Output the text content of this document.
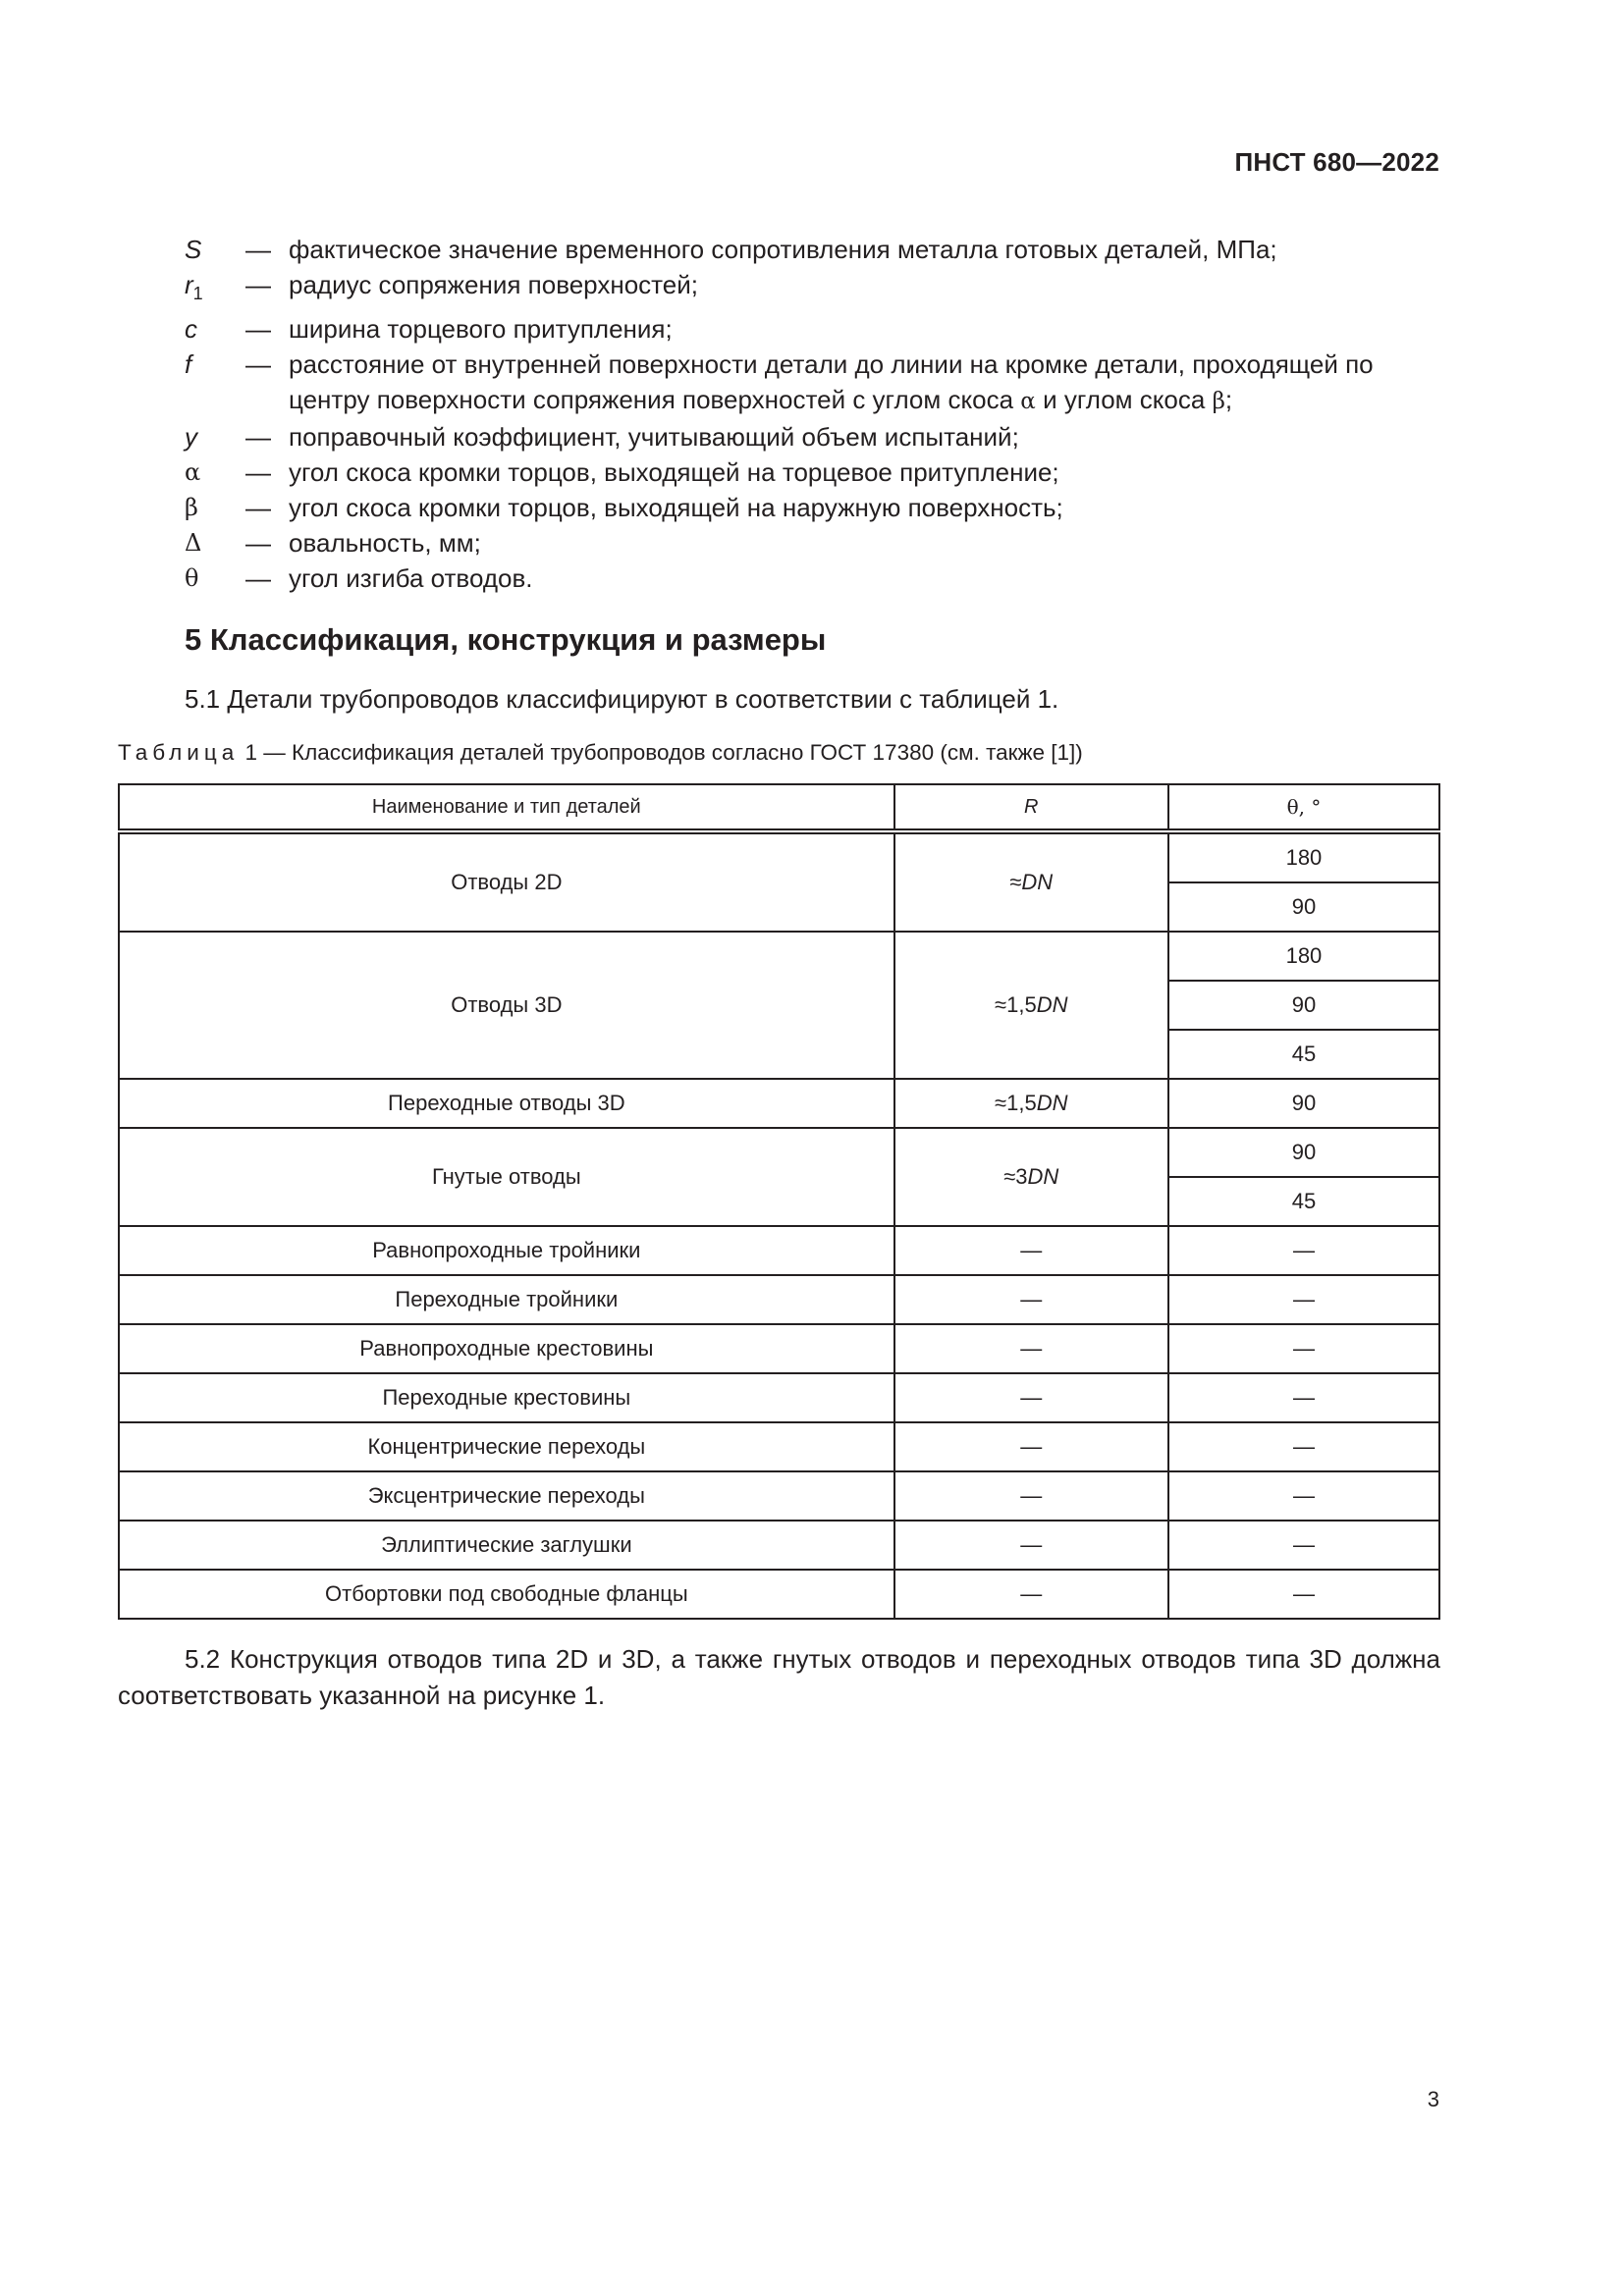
ПНСТ 680—2022
S	— фактическое значение временного сопротивления металла готовых деталей, МПа;
$r_1$	— радиус сопряжения поверхностей;
c	— ширина торцевого притупления;
f	— расстояние от внутренней поверхности детали до линии на кромке детали, проходящей по центру поверхности сопряжения поверхностей с углом скоса α и углом скоса β;
y	— поправочный коэффициент, учитывающий объем испытаний;
α	— угол скоса кромки торцов, выходящей на торцевое притупление;
β	— угол скоса кромки торцов, выходящей на наружную поверхность;
Δ	— овальность, мм;
θ	— угол изгиба отводов.
5 Классификация, конструкция и размеры
5.1 Детали трубопроводов классифицируют в соответствии с таблицей 1.
Таблица 1 — Классификация деталей трубопроводов согласно ГОСТ 17380 (см. также [1])
Наименование и тип деталей	R	θ, °
Отводы 2D	≈DN	180
		90
Отводы 3D	≈1,5DN	180
		90
		45
Переходные отводы 3D	≈1,5DN	90
Гнутые отводы	≈3DN	90
		45
Равнопроходные тройники	—	—
Переходные тройники	—	—
Равнопроходные крестовины	—	—
Переходные крестовины	—	—
Концентрические переходы	—	—
Эксцентрические переходы	—	—
Эллиптические заглушки	—	—
Отбортовки под свободные фланцы	—	—
5.2 Конструкция отводов типа 2D и 3D, а также гнутых отводов и переходных отводов типа 3D должна соответствовать указанной на рисунке 1.
3
